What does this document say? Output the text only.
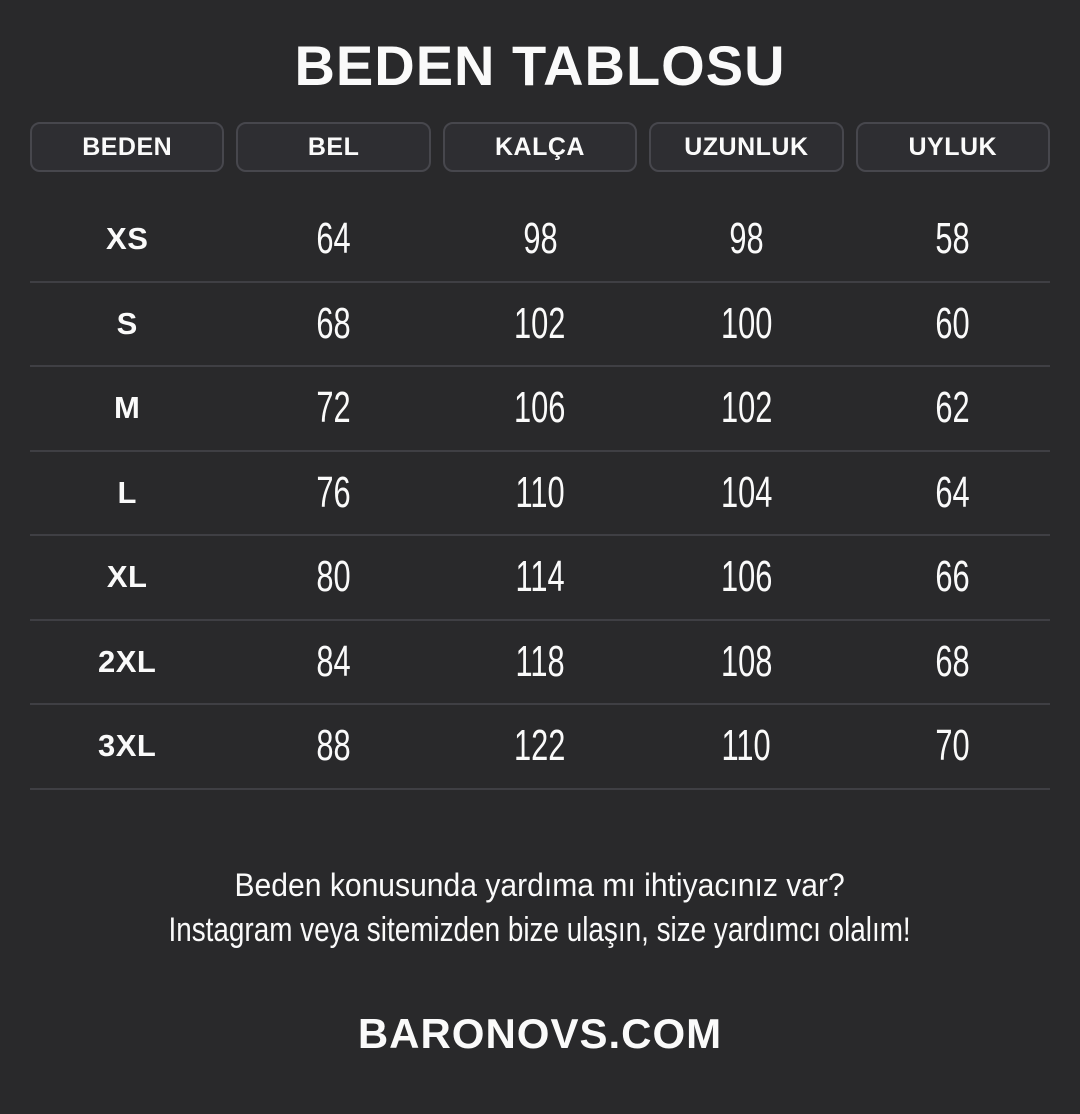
BEDEN TABLOSU
BEDEN	BEL	KALÇA	UZUNLUK	UYLUK
XS	64	98	98	58
S	68	102	100	60
M	72	106	102	62
L	76	110	104	64
XL	80	114	106	66
2XL	84	118	108	68
3XL	88	122	110	70
Beden konusunda yardıma mı ihtiyacınız var?
Instagram veya sitemizden bize ulaşın, size yardımcı olalım!
BARONOVS.COM
